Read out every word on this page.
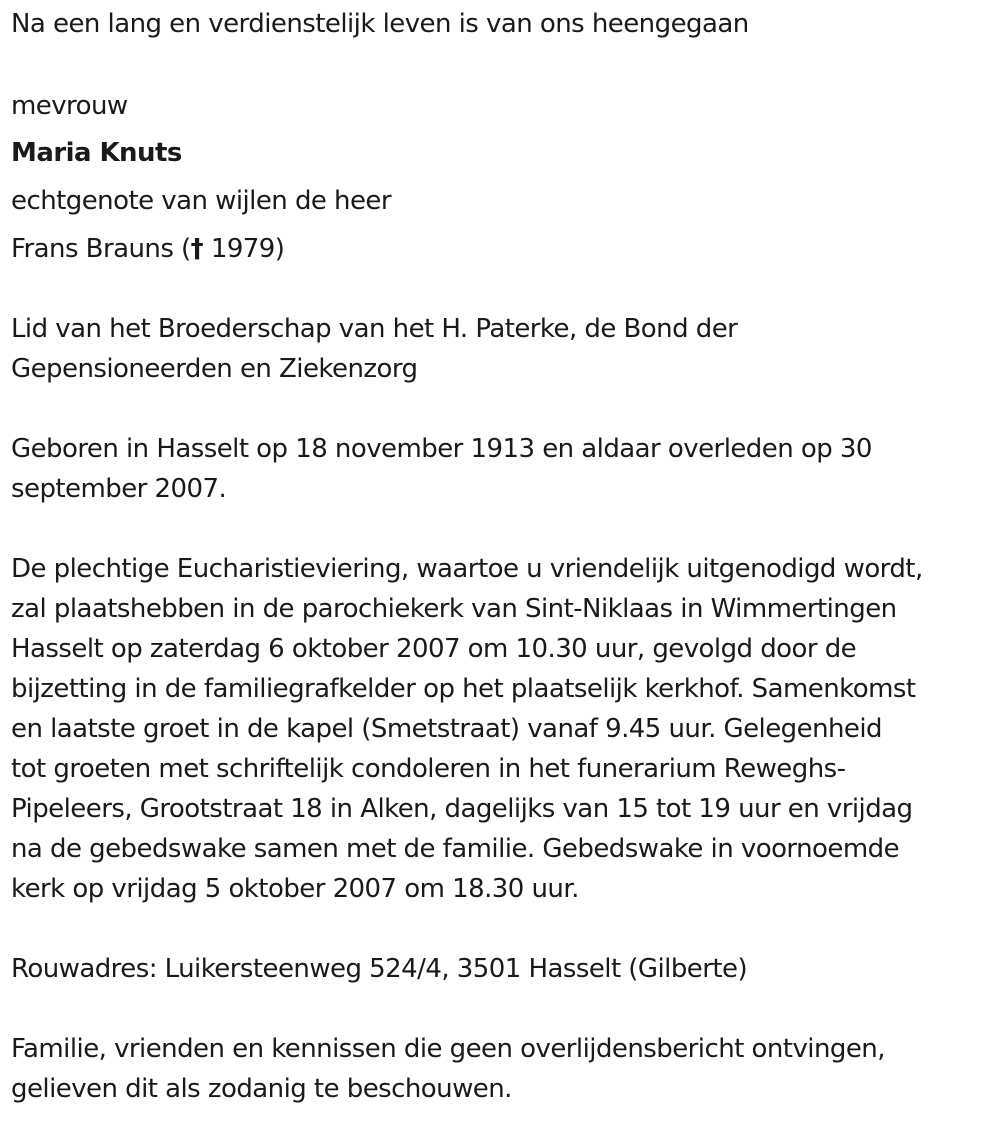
Na een lang en verdienstelijk leven is van ons heengegaan

mevrouw

Maria Knuts

echtgenote van wijlen de heer

Frans Brauns († 1979)

Lid van het Broederschap van het H. Paterke, de Bond der
Gepensioneerden en Ziekenzorg
Geboren in Hasselt op 18 november 1913 en aldaar overleden op 30
september 2007.
De plechtige Eucharistieviering, waartoe u vriendelijk uitgenodigd wordt,
zal plaatshebben in de parochiekerk van Sint-Niklaas in Wimmertingen
Hasselt op zaterdag 6 oktober 2007 om 10.30 uur, gevolgd door de
bijzetting in de familiegrafkelder op het plaatselijk kerkhof. Samenkomst
en laatste groet in de kapel (Smetstraat) vanaf 9.45 uur. Gelegenheid
tot groeten met schriftelijk condoleren in het funerarium Reweghs-
Pipeleers, Grootstraat 18 in Alken, dagelijks van 15 tot 19 uur en vrijdag
na de gebedswake samen met de familie. Gebedswake in voornoemde
kerk op vrijdag 5 oktober 2007 om 18.30 uur.

Rouwadres: Luikersteenweg 524/4, 3501 Hasselt (Gilberte)

Familie, vrienden en kennissen die geen overlijdensbericht ontvingen,
gelieven dit als zodanig te beschouwen.
